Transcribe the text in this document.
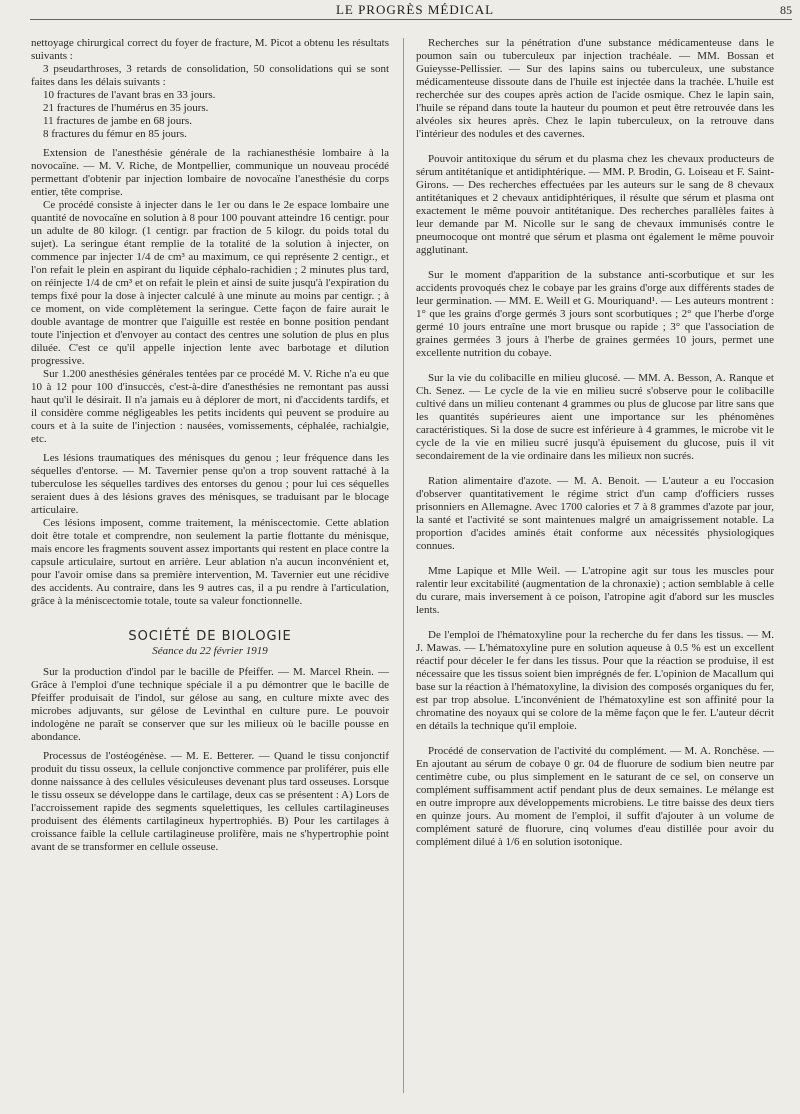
LE PROGRÈS MÉDICAL	85

nettoyage chirurgical correct du foyer de fracture, M. Picot a obtenu les résultats suivants :

3 pseudarthroses, 3 retards de consolidation, 50 consolidations qui se sont faites dans les délais suivants :

10 fractures de l'avant bras en 33 jours.

21 fractures de l'humérus en 35 jours.

11 fractures de jambe en 68 jours.

8 fractures du fémur en 85 jours.

Extension de l'anesthésie générale de la rachianesthésie lombaire à la novocaïne. — M. V. Riche, de Montpellier, communique un nouveau procédé permettant d'obtenir par injection lombaire de novocaïne l'anesthésie du corps entier, tête comprise.

Ce procédé consiste à injecter dans le 1er ou dans le 2e espace lombaire une quantité de novocaïne en solution à 8 pour 100 pouvant atteindre 16 centigr. pour un adulte de 80 kilogr. (1 centigr. par fraction de 5 kilogr. du poids total du sujet). La seringue étant remplie de la totalité de la solution à injecter, on commence par injecter 1/4 de cm³ au maximum, ce qui représente 2 centigr., et l'on refait le plein en aspirant du liquide céphalo-rachidien ; 2 minutes plus tard, on réinjecte 1/4 de cm³ et on refait le plein et ainsi de suite jusqu'à l'expiration du temps fixé pour la dose à injecter calculé à une minute au moins par centigr. ; à ce moment, on vide complètement la seringue. Cette façon de faire aurait le double avantage de montrer que l'aiguille est restée en bonne position pendant toute l'injection et d'envoyer au contact des centres une solution de plus en plus diluée. C'est ce qu'il appelle injection lente avec barbotage et dilution progressive.

Sur 1.200 anesthésies générales tentées par ce procédé M. V. Riche n'a eu que 10 à 12 pour 100 d'insuccès, c'est-à-dire d'anesthésies ne remontant pas aussi haut qu'il le désirait. Il n'a jamais eu à déplorer de mort, ni d'accidents tardifs, et il considère comme négligeables les petits incidents qui peuvent se produire au cours et à la suite de l'injection : nausées, vomissements, céphalée, rachialgie, etc.

Les lésions traumatiques des ménisques du genou ; leur fréquence dans les séquelles d'entorse. — M. Tavernier pense qu'on a trop souvent rattaché à la tuberculose les séquelles tardives des entorses du genou ; pour lui ces séquelles seraient dues à des lésions graves des ménisques, se traduisant par le blocage articulaire.

Ces lésions imposent, comme traitement, la méniscectomie. Cette ablation doit être totale et comprendre, non seulement la partie flottante du ménisque, mais encore les fragments souvent assez importants qui restent en place contre la capsule articulaire, surtout en arrière. Leur ablation n'a aucun inconvénient et, pour l'avoir omise dans sa première intervention, M. Tavernier eut une récidive des accidents. Au contraire, dans les 9 autres cas, il a pu rendre à l'articulation, grâce à la méniscectomie totale, toute sa valeur fonctionnelle.

SOCIÉTÉ DE BIOLOGIE
Séance du 22 février 1919

Sur la production d'indol par le bacille de Pfeiffer. — M. Marcel Rhein. — Grâce à l'emploi d'une technique spéciale il a pu démontrer que le bacille de Pfeiffer produisait de l'indol, sur gélose au sang, en culture mixte avec des microbes adjuvants, sur gélose de Levinthal en culture pure. Le pouvoir indologène ne paraît se conserver que sur les milieux où le bacille pousse en abondance.

Processus de l'ostéogénèse. — M. E. Betterer. — Quand le tissu conjonctif produit du tissu osseux, la cellule conjonctive commence par proliférer, puis elle donne naissance à des cellules vésiculeuses devenant plus tard osseuses. Lorsque le tissu osseux se développe dans le cartilage, deux cas se présentent : A) Lors de l'accroissement rapide des segments squelettiques, les cellules cartilagineuses produisent des éléments cartilagineux hypertrophiés. B) Pour les cartilages à croissance faible la cellule cartilagineuse prolifère, mais ne s'hypertrophie point avant de se transformer en cellule osseuse.

Recherches sur la pénétration d'une substance médicamenteuse dans le poumon sain ou tuberculeux par injection trachéale. — MM. Bossan et Guieysse-Pellissier. — Sur des lapins sains ou tuberculeux, une substance médicamenteuse dissoute dans de l'huile est injectée dans la trachée. L'huile est recherchée sur des coupes après action de l'acide osmique. Chez le lapin sain, l'huile se répand dans toute la hauteur du poumon et peut être retrouvée dans les alvéoles six heures après. Chez le lapin tuberculeux, on la retrouve dans l'intérieur des nodules et des cavernes.

Pouvoir antitoxique du sérum et du plasma chez les chevaux producteurs de sérum antitétanique et antidiphtérique. — MM. P. Brodin, G. Loiseau et F. Saint-Girons. — Des recherches effectuées par les auteurs sur le sang de 8 chevaux antitétaniques et 2 chevaux antidiphtériques, il résulte que sérum et plasma ont exactement le même pouvoir antitétanique. Des recherches parallèles faites à leur demande par M. Nicolle sur le sang de chevaux immunisés contre le pneumocoque ont montré que sérum et plasma ont également le même pouvoir agglutinant.

Sur le moment d'apparition de la substance anti-scorbutique et sur les accidents provoqués chez le cobaye par les grains d'orge aux différents stades de leur germination. — MM. E. Weill et G. Mouriquand¹. — Les auteurs montrent : 1° que les grains d'orge germés 3 jours sont scorbutiques ; 2° que l'herbe d'orge germé 10 jours entraîne une mort brusque ou rapide ; 3° que l'association de graines germées 3 jours à l'herbe de graines germées 10 jours, permet une excellente nutrition du cobaye.

Sur la vie du colibacille en milieu glucosé. — MM. A. Besson, A. Ranque et Ch. Senez. — Le cycle de la vie en milieu sucré s'observe pour le colibacille cultivé dans un milieu contenant 4 grammes ou plus de glucose par litre sans que les quantités supérieures aient une importance sur les phénomènes caractéristiques. Si la dose de sucre est inférieure à 4 grammes, le microbe vit le cycle de la vie en milieu sucré jusqu'à épuisement du glucose, puis il vit secondairement de la vie ordinaire dans les milieux non sucrés.

Ration alimentaire d'azote. — M. A. Benoit. — L'auteur a eu l'occasion d'observer quantitativement le régime strict d'un camp d'officiers russes prisonniers en Allemagne. Avec 1700 calories et 7 à 8 grammes d'azote par jour, la santé et l'activité se sont maintenues malgré un amaigrissement notable. La proportion d'acides aminés était conforme aux nécessités physiologiques connues.

Mme Lapique et Mlle Weil. — L'atropine agit sur tous les muscles pour ralentir leur excitabilité (augmentation de la chronaxie) ; action semblable à celle du curare, mais inversement à ce poison, l'atropine agit d'abord sur les muscles lents.

De l'emploi de l'hématoxyline pour la recherche du fer dans les tissus. — M. J. Mawas. — L'hématoxyline pure en solution aqueuse à 0.5 % est un excellent réactif pour déceler le fer dans les tissus. Pour que la réaction se produise, il est nécessaire que les tissus soient bien imprégnés de fer. L'opinion de Macallum qui base sur la réaction à l'hématoxyline, la division des composés organiques du fer, est par trop absolue. L'inconvénient de l'hématoxyline est son affinité pour la chromatine des noyaux qui se colore de la même façon que le fer. L'auteur décrit en détails la technique qu'il emploie.

Procédé de conservation de l'activité du complément. — M. A. Ronchèse. — En ajoutant au sérum de cobaye 0 gr. 04 de fluorure de sodium bien neutre par centimètre cube, ou plus simplement en le saturant de ce sel, on conserve un complément suffisamment actif pendant plus de deux semaines. Le mélange est en outre impropre aux développements microbiens. Le titre baisse des deux tiers en quinze jours. Au moment de l'emploi, il suffit d'ajouter à un volume de complément saturé de fluorure, cinq volumes d'eau distillée pour avoir du complément dilué à 1/6 en solution isotonique.
